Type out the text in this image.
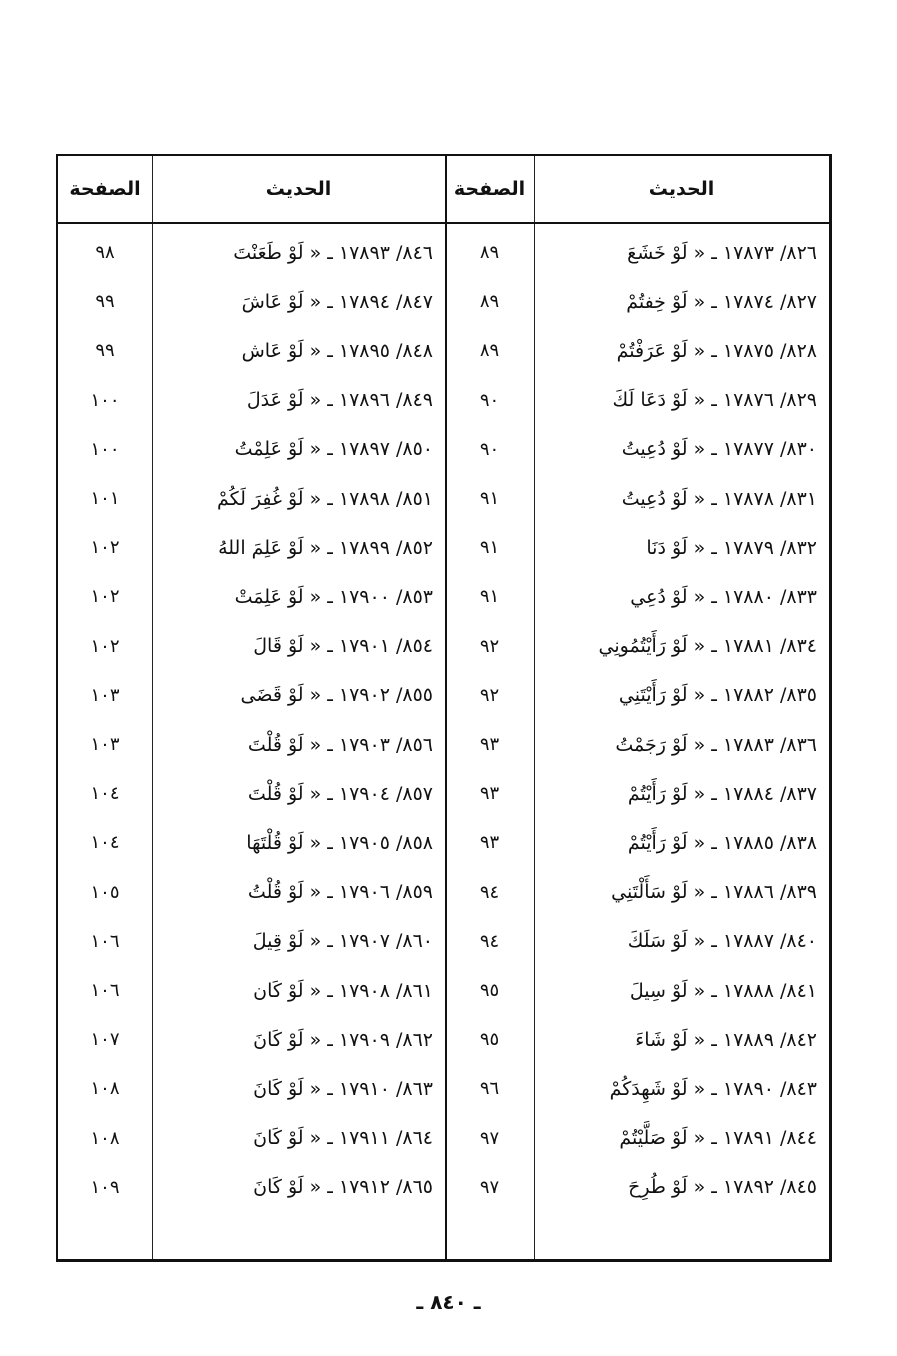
الصفحة	الحديث	الصفحة	الحديث
٩٨	٨٤٦/ ١٧٨٩٣ ـ « لَوْ طَعَنْتَ	٨٩	٨٢٦/ ١٧٨٧٣ ـ « لَوْ خَشَعَ
٩٩	٨٤٧/ ١٧٨٩٤ ـ « لَوْ عَاشَ	٨٩	٨٢٧/ ١٧٨٧٤ ـ « لَوْ خِفتُمْ
٩٩	٨٤٨/ ١٧٨٩٥ ـ « لَوْ عَاش	٨٩	٨٢٨/ ١٧٨٧٥ ـ « لَوْ عَرَفْتُمْ
١٠٠	٨٤٩/ ١٧٨٩٦ ـ « لَوْ عَدَلَ	٩٠	٨٢٩/ ١٧٨٧٦ ـ « لَوْ دَعَا لَكَ
١٠٠	٨٥٠/ ١٧٨٩٧ ـ « لَوْ عَلِمْتُ	٩٠	٨٣٠/ ١٧٨٧٧ ـ « لَوْ دُعِيتُ
١٠١	٨٥١/ ١٧٨٩٨ ـ « لَوْ غُفِرَ لَكُمْ	٩١	٨٣١/ ١٧٨٧٨ ـ « لَوْ دُعِيتُ
١٠٢	٨٥٢/ ١٧٨٩٩ ـ « لَوْ عَلِمَ اللهُ	٩١	٨٣٢/ ١٧٨٧٩ ـ « لَوْ دَنَا
١٠٢	٨٥٣/ ١٧٩٠٠ ـ « لَوْ عَلِمَتْ	٩١	٨٣٣/ ١٧٨٨٠ ـ « لَوْ دُعِي
١٠٢	٨٥٤/ ١٧٩٠١ ـ « لَوْ قَالَ	٩٢	٨٣٤/ ١٧٨٨١ ـ « لَوْ رَأَيْتُمُونِي
١٠٣	٨٥٥/ ١٧٩٠٢ ـ « لَوْ قَضَى	٩٢	٨٣٥/ ١٧٨٨٢ ـ « لَوْ رَأَيْتَنِي
١٠٣	٨٥٦/ ١٧٩٠٣ ـ « لَوْ قُلْتَ	٩٣	٨٣٦/ ١٧٨٨٣ ـ « لَوْ رَجَمْتُ
١٠٤	٨٥٧/ ١٧٩٠٤ ـ « لَوْ قُلْتَ	٩٣	٨٣٧/ ١٧٨٨٤ ـ « لَوْ رَأَيْتُمْ
١٠٤	٨٥٨/ ١٧٩٠٥ ـ « لَوْ قُلْتَهَا	٩٣	٨٣٨/ ١٧٨٨٥ ـ « لَوْ رَأَيْتُمْ
١٠٥	٨٥٩/ ١٧٩٠٦ ـ « لَوْ قُلْتُ	٩٤	٨٣٩/ ١٧٨٨٦ ـ « لَوْ سَأَلْتَنِي
١٠٦	٨٦٠/ ١٧٩٠٧ ـ « لَوْ قِيلَ	٩٤	٨٤٠/ ١٧٨٨٧ ـ « لَوْ سَلَكَ
١٠٦	٨٦١/ ١٧٩٠٨ ـ « لَوْ كَان	٩٥	٨٤١/ ١٧٨٨٨ ـ « لَوْ سِيلَ
١٠٧	٨٦٢/ ١٧٩٠٩ ـ « لَوْ كَانَ	٩٥	٨٤٢/ ١٧٨٨٩ ـ « لَوْ شَاءَ
١٠٨	٨٦٣/ ١٧٩١٠ ـ « لَوْ كَانَ	٩٦	٨٤٣/ ١٧٨٩٠ ـ « لَوْ شَهِدَكُمْ
١٠٨	٨٦٤/ ١٧٩١١ ـ « لَوْ كَانَ	٩٧	٨٤٤/ ١٧٨٩١ ـ « لَوْ صَلَّيْتُمْ
١٠٩	٨٦٥/ ١٧٩١٢ ـ « لَوْ كَانَ	٩٧	٨٤٥/ ١٧٨٩٢ ـ « لَوْ طُرِحَ
ـ ٨٤٠ ـ
